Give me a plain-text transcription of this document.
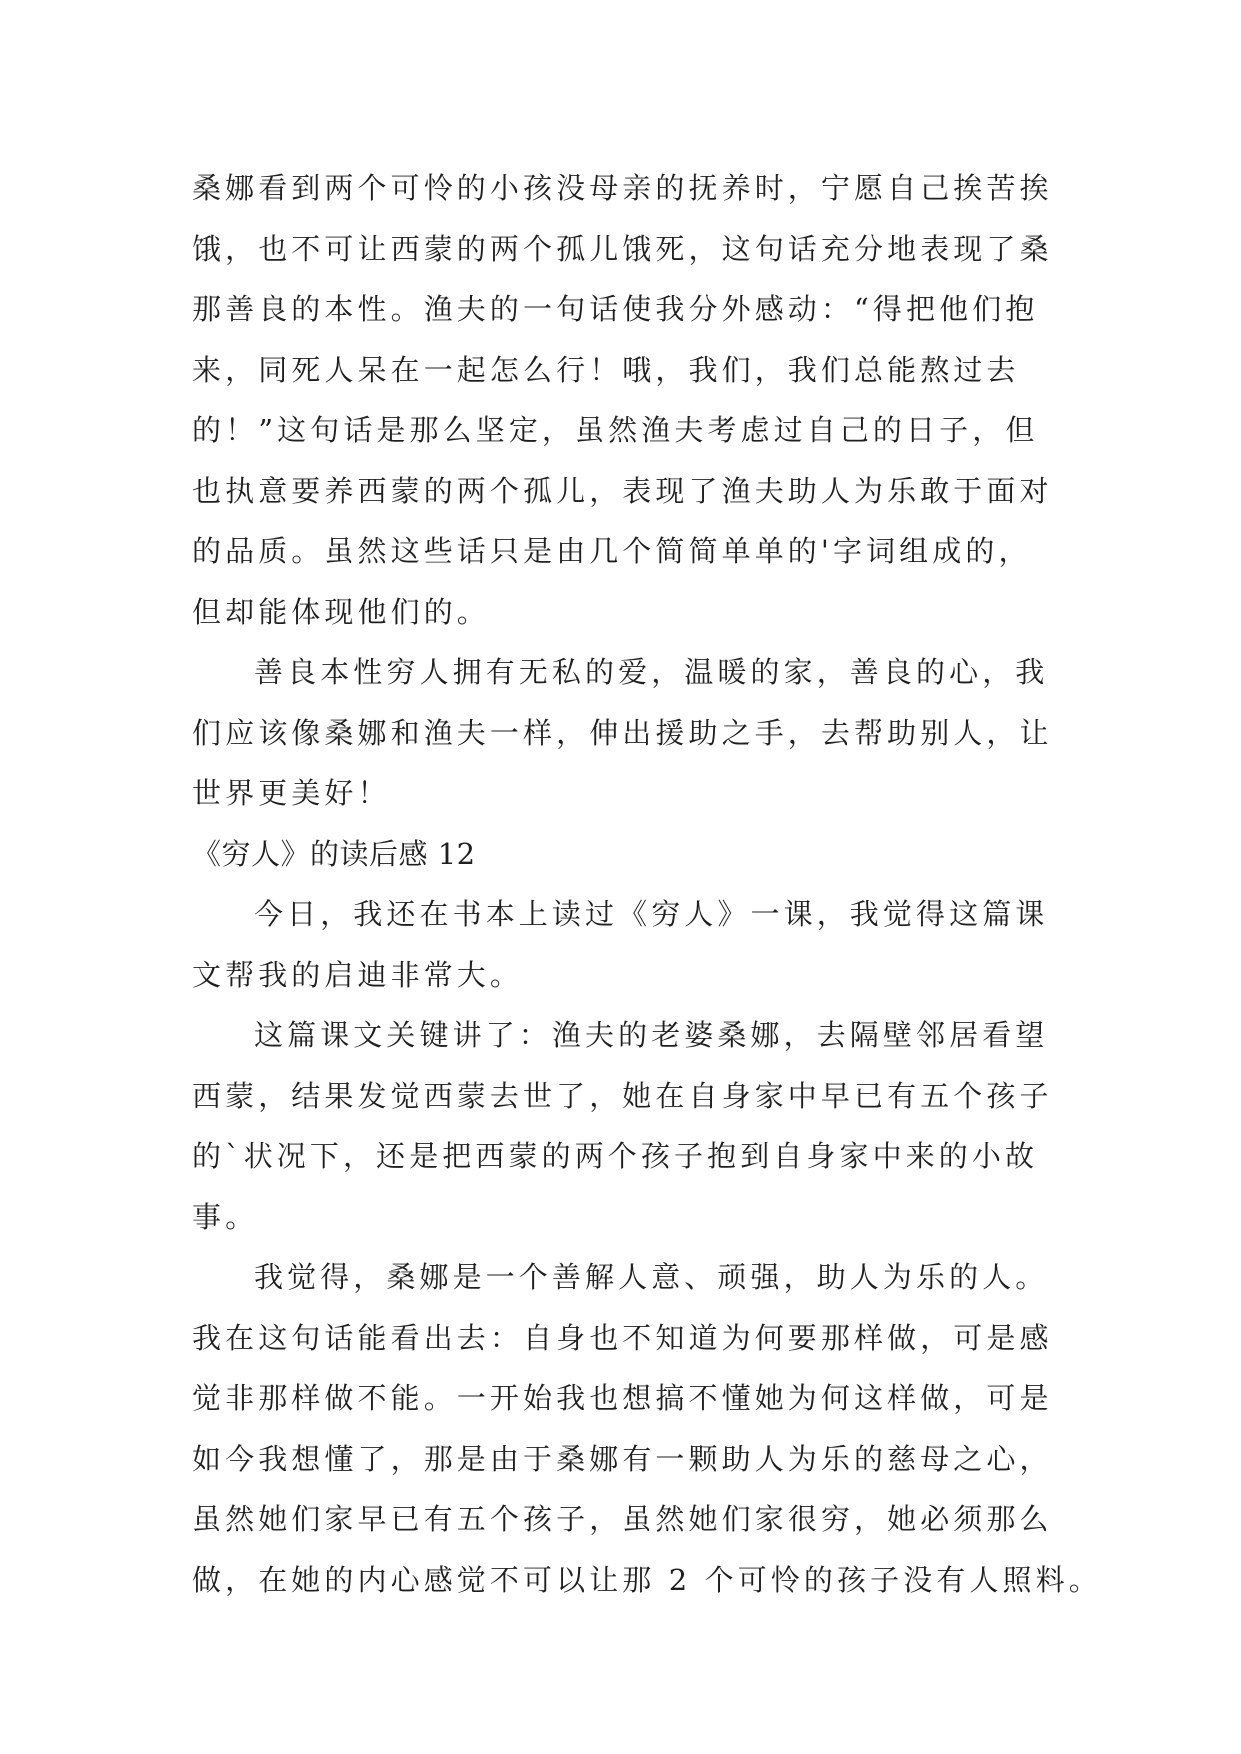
桑娜看到两个可怜的小孩没母亲的抚养时，宁愿自己挨苦挨
饿，也不可让西蒙的两个孤儿饿死，这句话充分地表现了桑
那善良的本性。渔夫的一句话使我分外感动：“得把他们抱
来，同死人呆在一起怎么行！哦，我们，我们总能熬过去
的！”这句话是那么坚定，虽然渔夫考虑过自己的日子，但
也执意要养西蒙的两个孤儿，表现了渔夫助人为乐敢于面对
的品质。虽然这些话只是由几个简简单单的'字词组成的，
但却能体现他们的。
善良本性穷人拥有无私的爱，温暖的家，善良的心，我
们应该像桑娜和渔夫一样，伸出援助之手，去帮助别人，让
世界更美好！
《穷人》的读后感 12
今日，我还在书本上读过《穷人》一课，我觉得这篇课
文帮我的启迪非常大。
这篇课文关键讲了：渔夫的老婆桑娜，去隔壁邻居看望
西蒙，结果发觉西蒙去世了，她在自身家中早已有五个孩子
的`状况下，还是把西蒙的两个孩子抱到自身家中来的小故
事。
我觉得，桑娜是一个善解人意、顽强，助人为乐的人。
我在这句话能看出去：自身也不知道为何要那样做，可是感
觉非那样做不能。一开始我也想搞不懂她为何这样做，可是
如今我想懂了，那是由于桑娜有一颗助人为乐的慈母之心，
虽然她们家早已有五个孩子，虽然她们家很穷，她必须那么
做，在她的内心感觉不可以让那 2 个可怜的孩子没有人照料。
